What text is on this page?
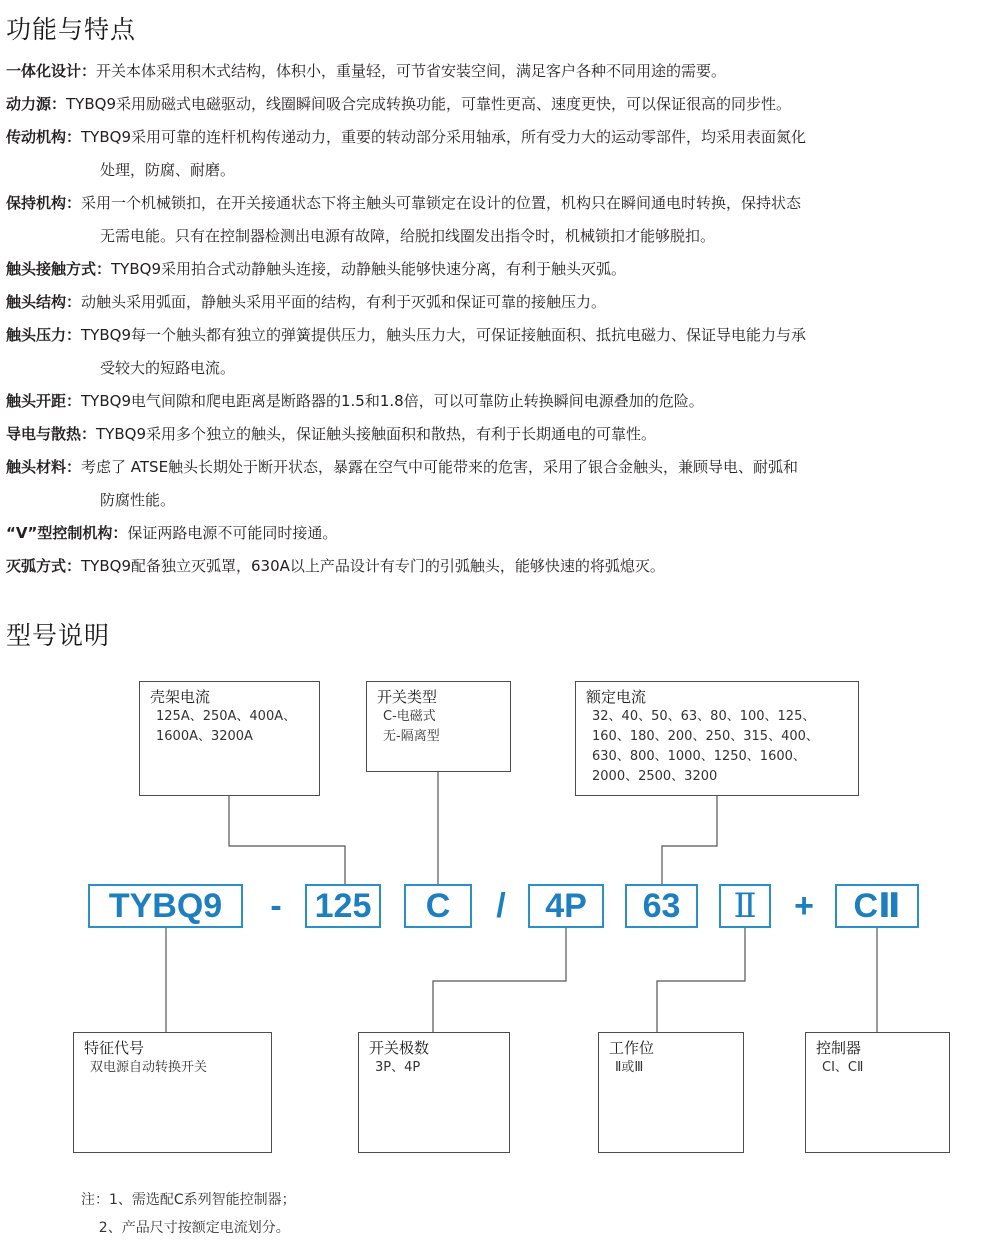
功能与特点
一体化设计：开关本体采用积木式结构，体积小，重量轻，可节省安装空间，满足客户各种不同用途的需要。
动力源：TYBQ9采用励磁式电磁驱动，线圈瞬间吸合完成转换功能，可靠性更高、速度更快，可以保证很高的同步性。
传动机构：TYBQ9采用可靠的连杆机构传递动力，重要的转动部分采用轴承，所有受力大的运动零部件，均采用表面氮化
处理，防腐、耐磨。
保持机构：采用一个机械锁扣，在开关接通状态下将主触头可靠锁定在设计的位置，机构只在瞬间通电时转换，保持状态
无需电能。只有在控制器检测出电源有故障，给脱扣线圈发出指令时，机械锁扣才能够脱扣。
触头接触方式：TYBQ9采用拍合式动静触头连接，动静触头能够快速分离，有利于触头灭弧。
触头结构：动触头采用弧面，静触头采用平面的结构，有利于灭弧和保证可靠的接触压力。
触头压力：TYBQ9每一个触头都有独立的弹簧提供压力，触头压力大，可保证接触面积、抵抗电磁力、保证导电能力与承
受较大的短路电流。
触头开距：TYBQ9电气间隙和爬电距离是断路器的1.5和1.8倍，可以可靠防止转换瞬间电源叠加的危险。
导电与散热：TYBQ9采用多个独立的触头，保证触头接触面积和散热，有利于长期通电的可靠性。
触头材料：考虑了 ATSE触头长期处于断开状态，暴露在空气中可能带来的危害，采用了银合金触头，兼顾导电、耐弧和
防腐性能。
“V”型控制机构：保证两路电源不可能同时接通。
灭弧方式：TYBQ9配备独立灭弧罩，630A以上产品设计有专门的引弧触头，能够快速的将弧熄灭。
型号说明
壳架电流
125A、250A、400A、
1600A、3200A
开关类型
C-电磁式
无-隔离型
额定电流
32、40、50、63、80、100、125、
160、180、200、250、315、400、
630、800、1000、1250、1600、
2000、2500、3200
TYBQ9	- 125	C	/	4P	63	Ⅱ	+	CⅡ
特征代号
双电源自动转换开关
开关极数
3P、4P
工作位
Ⅱ或Ⅲ
控制器
CⅠ、CⅡ
注：1、需选配C系列智能控制器；
2、产品尺寸按额定电流划分。
